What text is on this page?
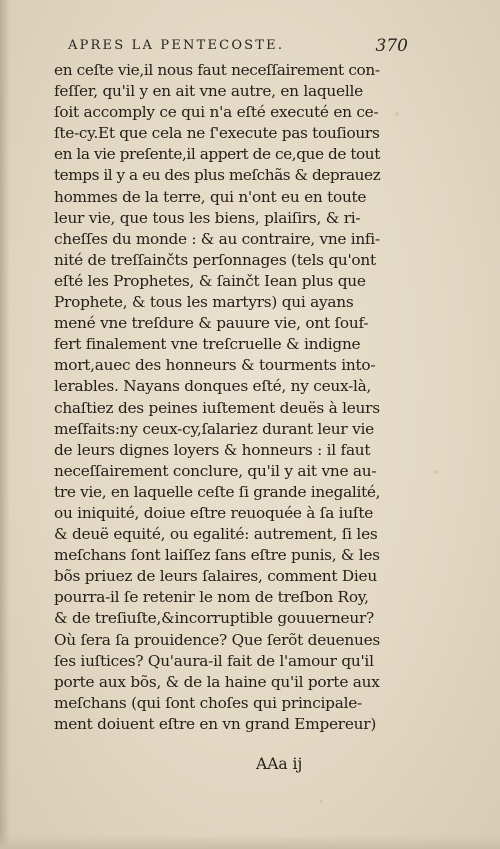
APRES LA PENTECOSTE.	370
en ceſte vie,il nous faut neceſſairement con-
feſſer, qu'il y en ait vne autre, en laquelle
ſoit accomply ce qui n'a eſté executé en ce-
ſte-cy.Et que cela ne ſ'execute pas touſiours
en la vie preſente,il appert de ce,que de tout
temps il y a eu des plus meſchãs & deprauez
hommes de la terre, qui n'ont eu en toute
leur vie, que tous les biens, plaiſirs, & ri-
cheſſes du monde : & au contraire, vne infi-
nité de treſſainčts perſonnages (tels qu'ont
eſté les Prophetes, & ſainčt Iean plus que
Prophete, & tous les martyrs) qui ayans
mené vne treſdure & pauure vie, ont ſouf-
fert finalement vne treſcruelle & indigne
mort,auec des honneurs & tourments into-
lerables. Nayans donques eſté, ny ceux-là,
chaſtiez des peines iuſtement deuës à leurs
meſfaits:ny ceux-cy,ſalariez durant leur vie
de leurs dignes loyers & honneurs : il faut
neceſſairement conclure, qu'il y ait vne au-
tre vie, en laquelle ceſte ſi grande inegalité,
ou iniquité, doiue eſtre reuoquée à ſa iuſte
& deuë equité, ou egalité: autrement, ſi les
meſchans ſont laiſſez ſans eſtre punis, & les
bõs priuez de leurs ſalaires, comment Dieu
pourra-il ſe retenir le nom de treſbon Roy,
& de treſiuſte,&incorruptible gouuerneur?
Où ſera ſa prouidence? Que ſerõt deuenues
ſes iuſtices? Qu'aura-il fait de l'amour qu'il
porte aux bõs, & de la haine qu'il porte aux
meſchans (qui ſont choſes qui principale-
ment doiuent eſtre en vn grand Empereur)
AAa ij
